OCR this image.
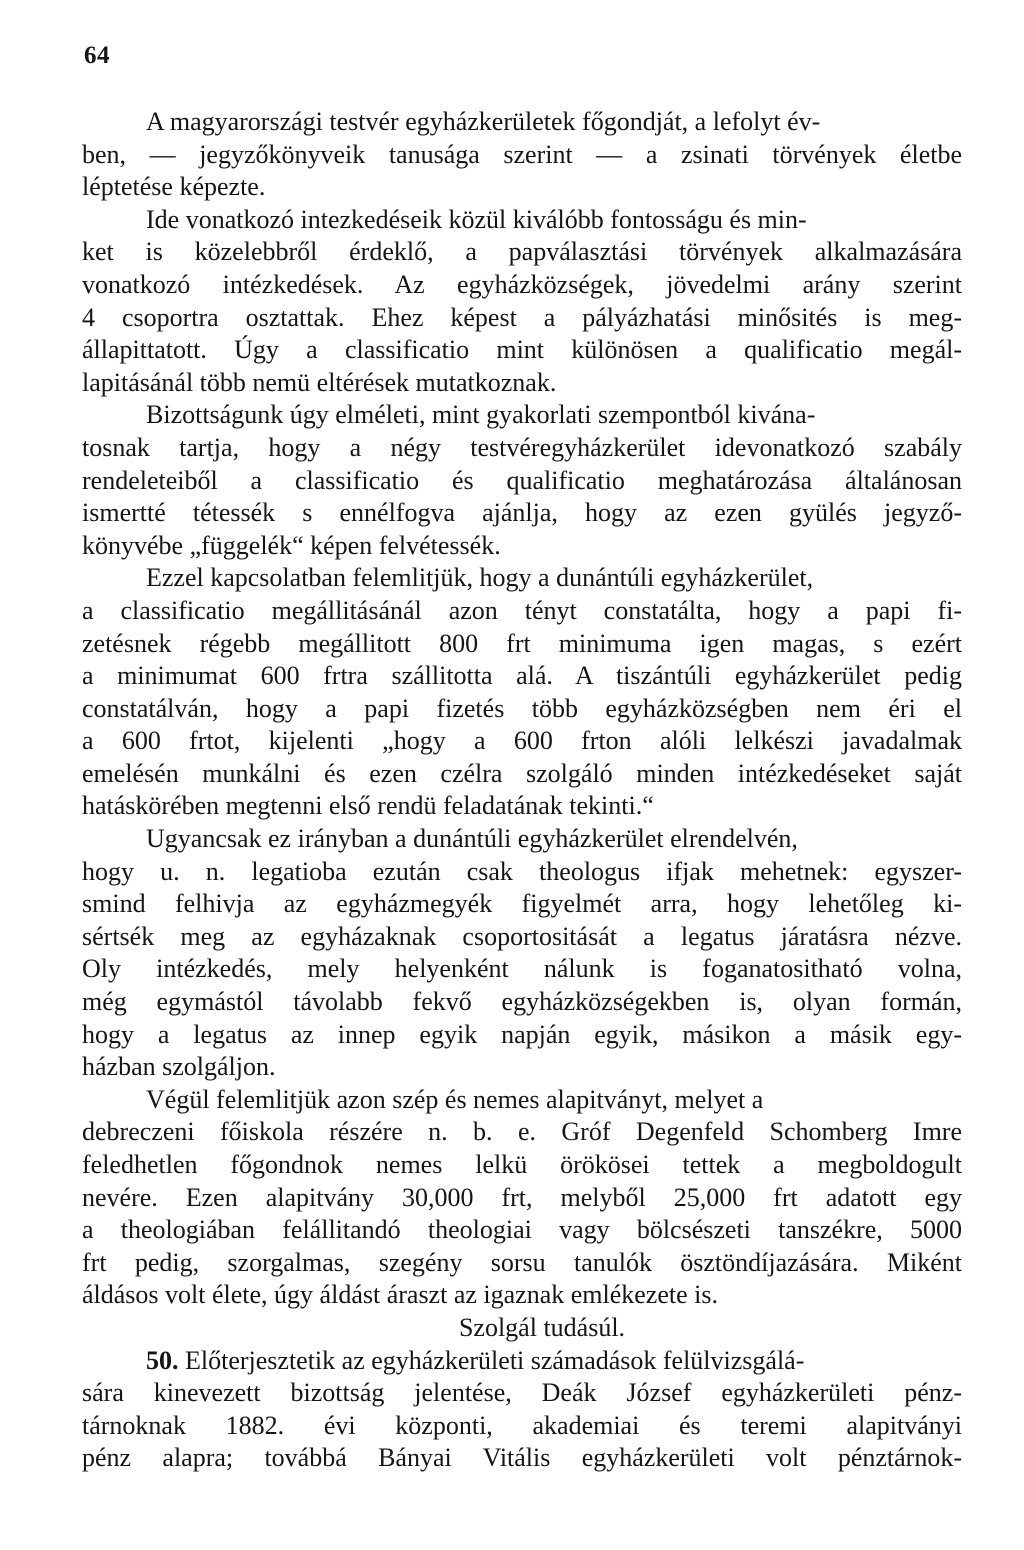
64
A magyarországi testvér egyházkerületek főgondját, a lefolyt év-
ben, — jegyzőkönyveik tanusága szerint — a zsinati törvények életbe
léptetése képezte.
Ide vonatkozó intezkedéseik közül kiválóbb fontosságu és min-
ket is közelebbről érdeklő, a papválasztási törvények alkalmazására
vonatkozó intézkedések. Az egyházközségek, jövedelmi arány szerint
4 csoportra osztattak. Ehez képest a pályázhatási minősités is meg-
állapittatott. Úgy a classificatio mint különösen a qualificatio megál-
lapitásánál több nemü eltérések mutatkoznak.
Bizottságunk úgy elméleti, mint gyakorlati szempontból kivána-
tosnak tartja, hogy a négy testvéregyházkerület idevonatkozó szabály
rendeleteiből a classificatio és qualificatio meghatározása általánosan
ismertté tétessék s ennélfogva ajánlja, hogy az ezen gyülés jegyző-
könyvébe „függelék“ képen felvétessék.
Ezzel kapcsolatban felemlitjük, hogy a dunántúli egyházkerület,
a classificatio megállitásánál azon tényt constatálta, hogy a papi fi-
zetésnek régebb megállitott 800 frt minimuma igen magas, s ezért
a minimumat 600 frtra szállitotta alá. A tiszántúli egyházkerület pedig
constatálván, hogy a papi fizetés több egyházközségben nem éri el
a 600 frtot, kijelenti „hogy a 600 frton alóli lelkészi javadalmak
emelésén munkálni és ezen czélra szolgáló minden intézkedéseket saját
hatáskörében megtenni első rendü feladatának tekinti.“
Ugyancsak ez irányban a dunántúli egyházkerület elrendelvén,
hogy u. n. legatioba ezután csak theologus ifjak mehetnek: egyszer-
smind felhivja az egyházmegyék figyelmét arra, hogy lehetőleg ki-
sértsék meg az egyházaknak csoportositását a legatus járatásra nézve.
Oly intézkedés, mely helyenként nálunk is foganatositható volna,
még egymástól távolabb fekvő egyházközségekben is, olyan formán,
hogy a legatus az innep egyik napján egyik, másikon a másik egy-
házban szolgáljon.
Végül felemlitjük azon szép és nemes alapitványt, melyet a
debreczeni főiskola részére n. b. e. Gróf Degenfeld Schomberg Imre
feledhetlen főgondnok nemes lelkü örökösei tettek a megboldogult
nevére. Ezen alapitvány 30,000 frt, melyből 25,000 frt adatott egy
a theologiában felállitandó theologiai vagy bölcsészeti tanszékre, 5000
frt pedig, szorgalmas, szegény sorsu tanulók ösztöndíjazására. Miként
áldásos volt élete, úgy áldást áraszt az igaznak emlékezete is.
Szolgál tudásúl.
50. Előterjesztetik az egyházkerületi számadások felülvizsgálá-
sára kinevezett bizottság jelentése, Deák József egyházkerületi pénz-
tárnoknak 1882. évi központi, akademiai és teremi alapitványi
pénz alapra; továbbá Bányai Vitális egyházkerületi volt pénztárnok-
